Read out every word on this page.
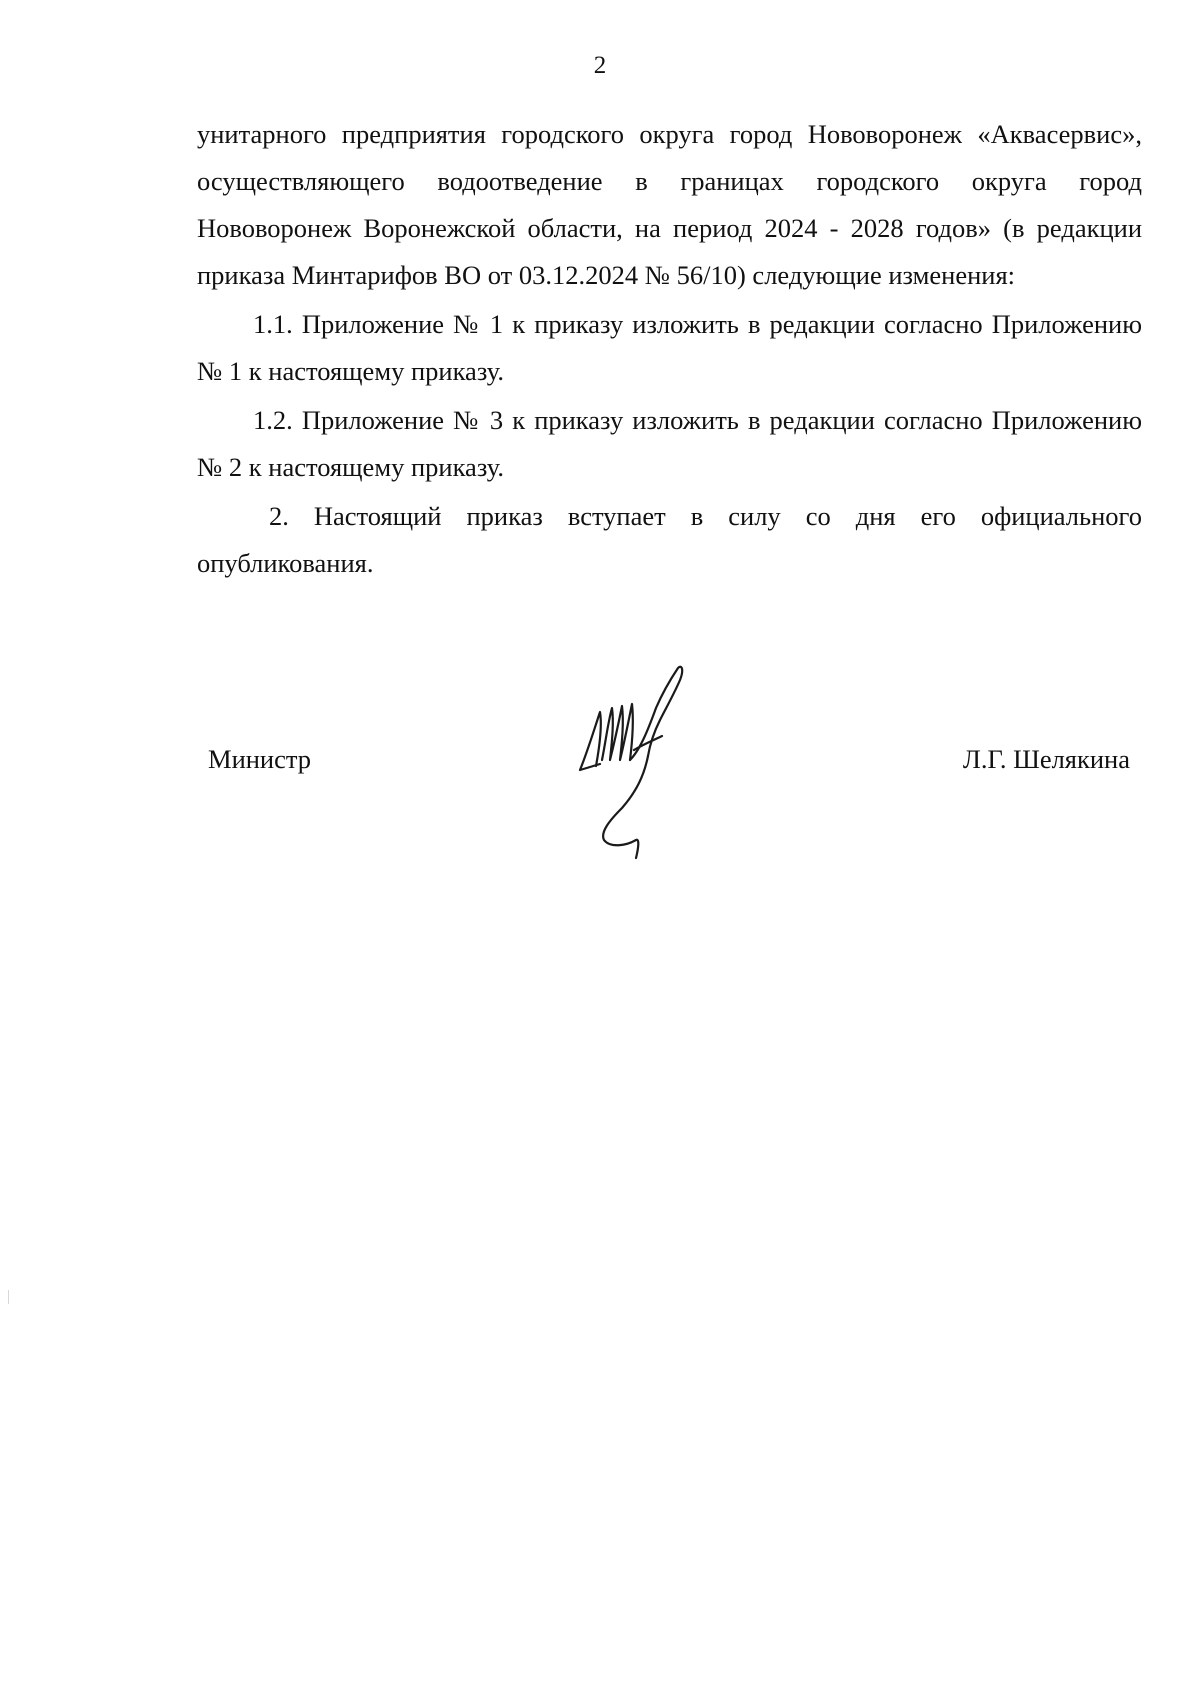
2

унитарного предприятия городского округа город Нововоронеж «Аквасервис», осуществляющего водоотведение в границах городского округа город Нововоронеж Воронежской области, на период 2024 - 2028 годов» (в редакции приказа Минтарифов ВО от 03.12.2024 № 56/10) следующие изменения:

1.1. Приложение № 1 к приказу изложить в редакции согласно Приложению № 1 к настоящему приказу.

1.2. Приложение № 3 к приказу изложить в редакции согласно Приложению № 2 к настоящему приказу.

2. Настоящий приказ вступает в силу со дня его официального опубликования.

Министр	Л.Г. Шелякина
